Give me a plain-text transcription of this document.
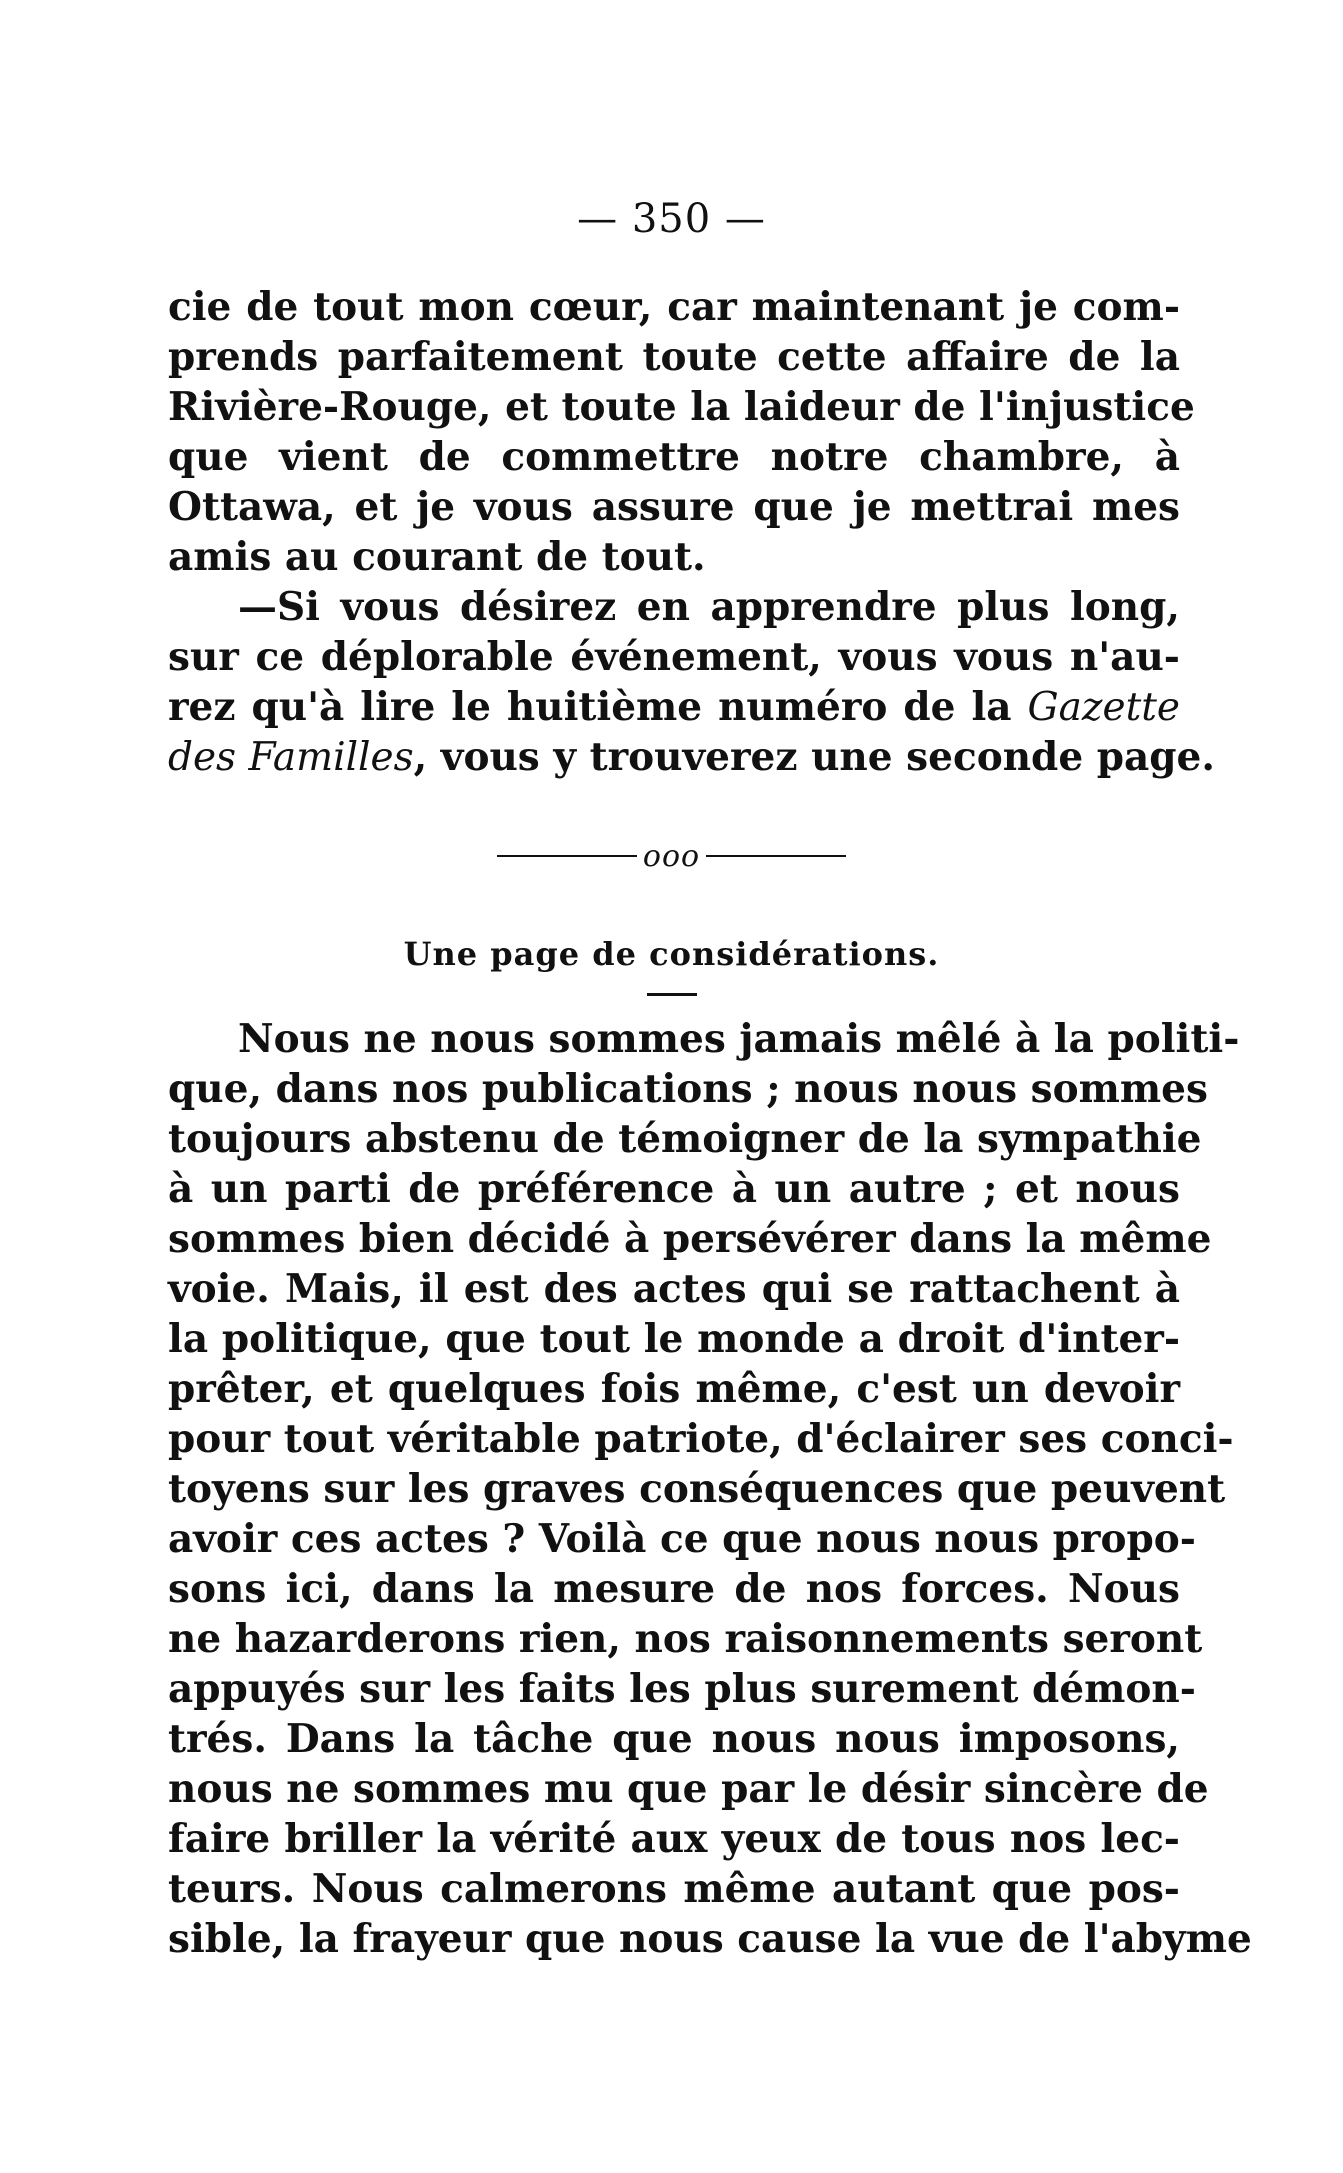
— 350 —
cie de tout mon cœur, car maintenant je com-
prends parfaitement toute cette affaire de la
Rivière-Rouge, et toute la laideur de l'injustice
que vient de commettre notre chambre, à
Ottawa, et je vous assure que je mettrai mes
amis au courant de tout.
—Si vous désirez en apprendre plus long,
sur ce déplorable événement, vous vous n'au-
rez qu'à lire le huitième numéro de la Gazette
des Familles, vous y trouverez une seconde page.
ooo
Une page de considérations.
Nous ne nous sommes jamais mêlé à la politi-
que, dans nos publications ; nous nous sommes
toujours abstenu de témoigner de la sympathie
à un parti de préférence à un autre ; et nous
sommes bien décidé à persévérer dans la même
voie. Mais, il est des actes qui se rattachent à
la politique, que tout le monde a droit d'inter-
prêter, et quelques fois même, c'est un devoir
pour tout véritable patriote, d'éclairer ses conci-
toyens sur les graves conséquences que peuvent
avoir ces actes ? Voilà ce que nous nous propo-
sons ici, dans la mesure de nos forces. Nous
ne hazarderons rien, nos raisonnements seront
appuyés sur les faits les plus surement démon-
trés. Dans la tâche que nous nous imposons,
nous ne sommes mu que par le désir sincère de
faire briller la vérité aux yeux de tous nos lec-
teurs. Nous calmerons même autant que pos-
sible, la frayeur que nous cause la vue de l'abyme
